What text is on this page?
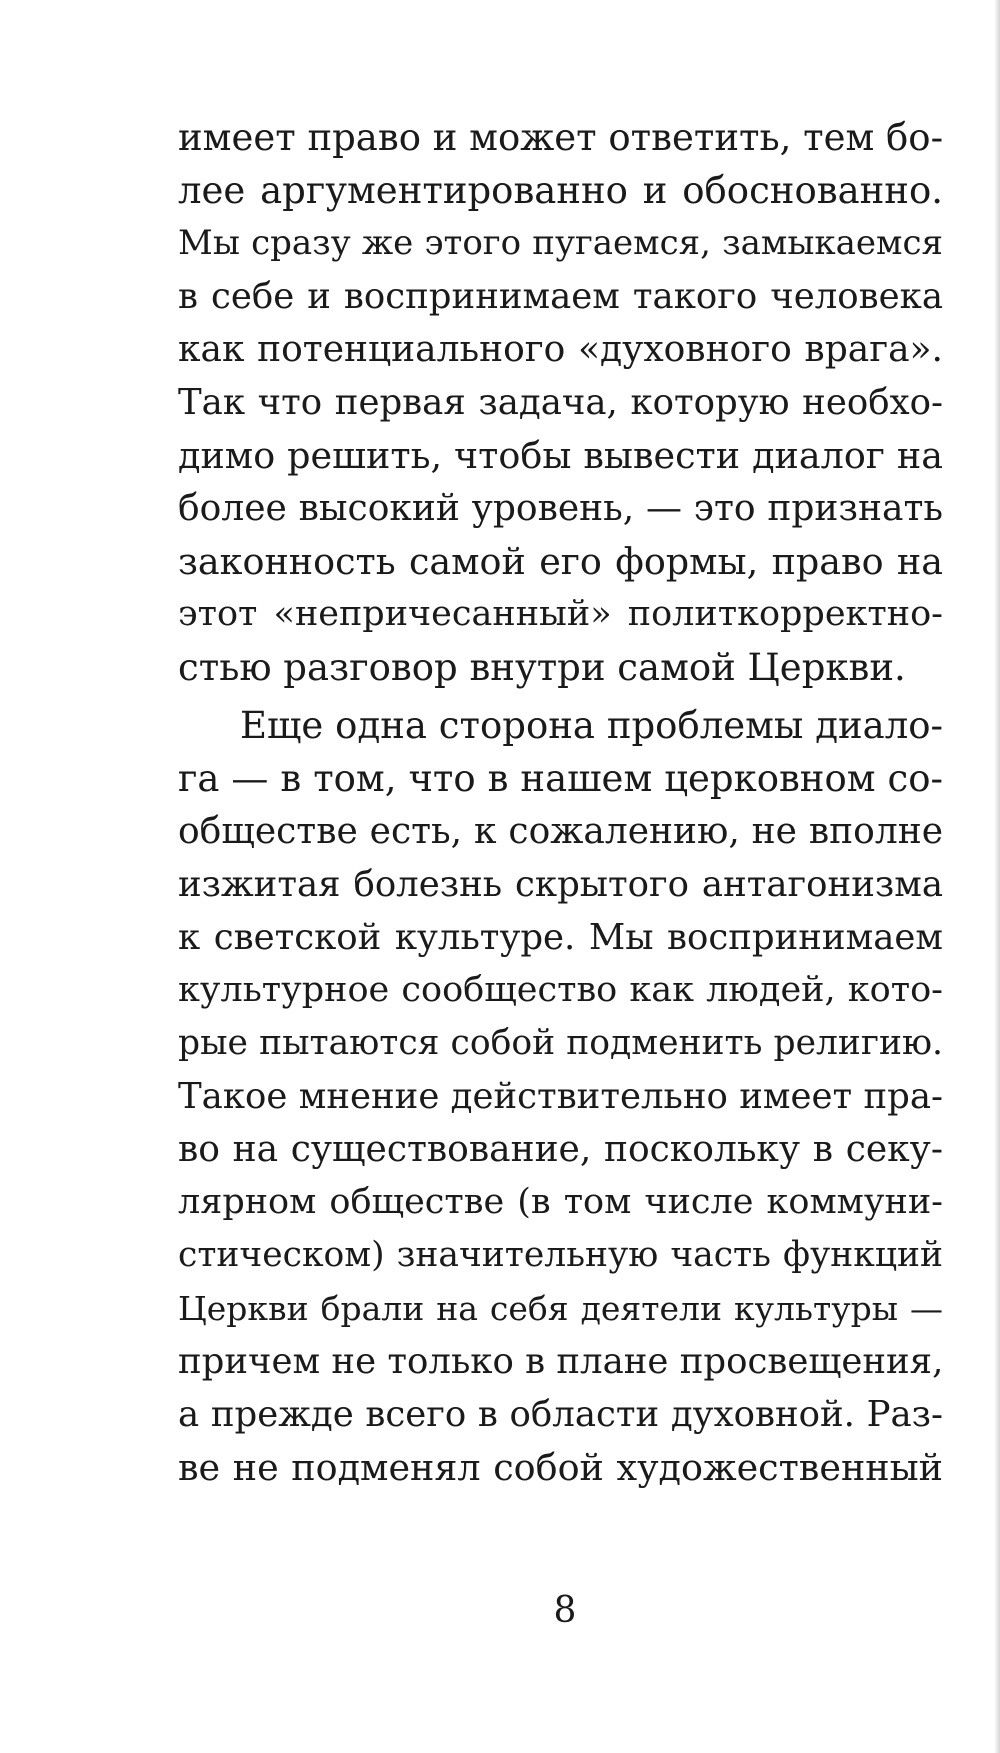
имеет право и может ответить, тем бо-
лее аргументированно и обоснованно.
Мы сразу же этого пугаемся, замыкаемся
в себе и воспринимаем такого человека
как потенциального «духовного врага».
Так что первая задача, которую необхо-
димо решить, чтобы вывести диалог на
более высокий уровень, — это признать
законность самой его формы, право на
этот «непричесанный» политкорректно-
стью разговор внутри самой Церкви.
Еще одна сторона проблемы диало-
га — в том, что в нашем церковном со-
обществе есть, к сожалению, не вполне
изжитая болезнь скрытого антагонизма
к светской культуре. Мы воспринимаем
культурное сообщество как людей, кото-
рые пытаются собой подменить религию.
Такое мнение действительно имеет пра-
во на существование, поскольку в секу-
лярном обществе (в том числе коммуни-
стическом) значительную часть функций
Церкви брали на себя деятели культуры —
причем не только в плане просвещения,
а прежде всего в области духовной. Раз-
ве не подменял собой художественный
8
